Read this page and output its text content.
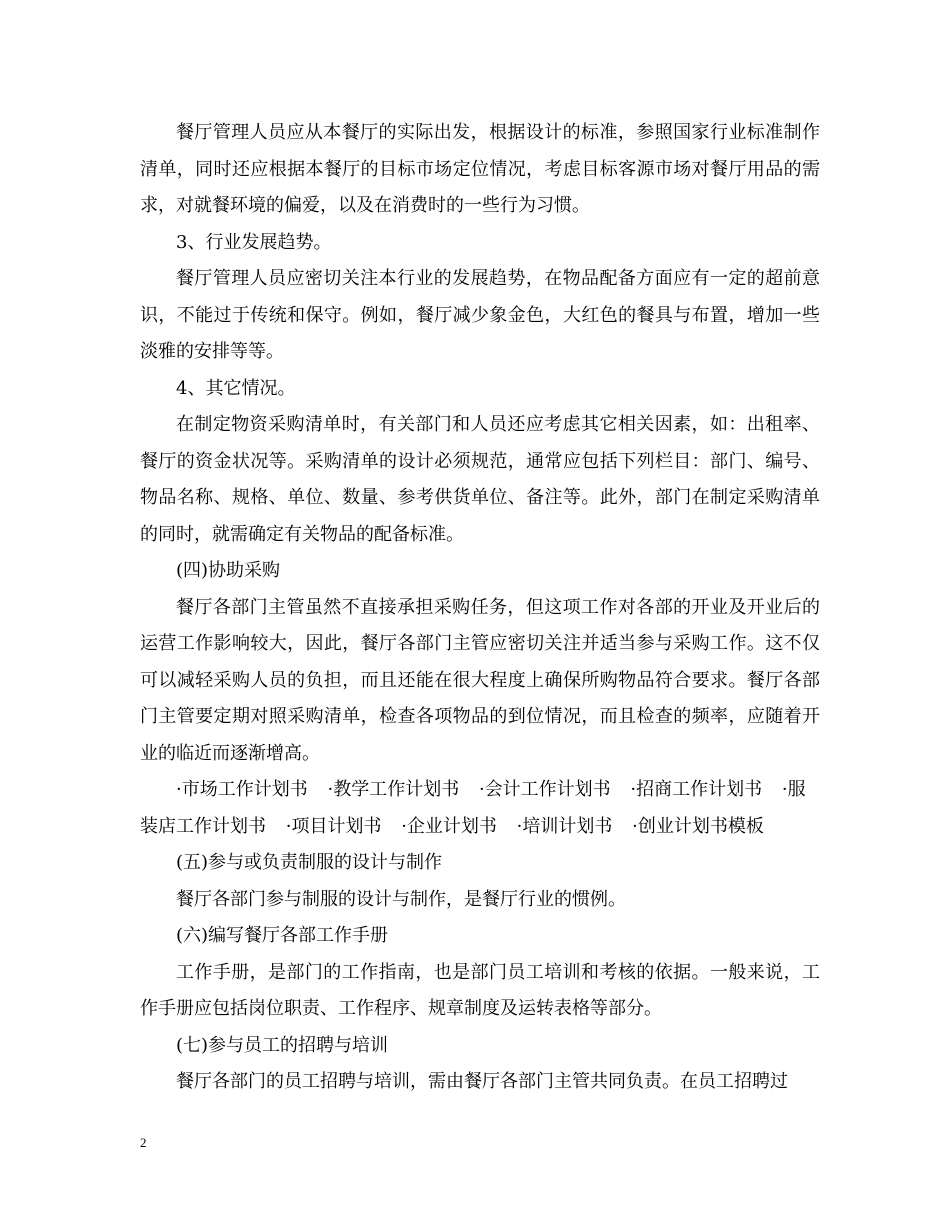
餐厅管理人员应从本餐厅的实际出发，根据设计的标准，参照国家行业标准制作清单，同时还应根据本餐厅的目标市场定位情况，考虑目标客源市场对餐厅用品的需求，对就餐环境的偏爱，以及在消费时的一些行为习惯。

3、行业发展趋势。

餐厅管理人员应密切关注本行业的发展趋势，在物品配备方面应有一定的超前意识，不能过于传统和保守。例如，餐厅减少象金色，大红色的餐具与布置，增加一些淡雅的安排等等。

4、其它情况。

在制定物资采购清单时，有关部门和人员还应考虑其它相关因素，如：出租率、餐厅的资金状况等。采购清单的设计必须规范，通常应包括下列栏目：部门、编号、物品名称、规格、单位、数量、参考供货单位、备注等。此外，部门在制定采购清单的同时，就需确定有关物品的配备标准。

(四)协助采购

餐厅各部门主管虽然不直接承担采购任务，但这项工作对各部的开业及开业后的运营工作影响较大，因此，餐厅各部门主管应密切关注并适当参与采购工作。这不仅可以减轻采购人员的负担，而且还能在很大程度上确保所购物品符合要求。餐厅各部门主管要定期对照采购清单，检查各项物品的到位情况，而且检查的频率，应随着开业的临近而逐渐增高。

·市场工作计划书 ·教学工作计划书 ·会计工作计划书 ·招商工作计划书 ·服装店工作计划书 ·项目计划书 ·企业计划书 ·培训计划书 ·创业计划书模板

(五)参与或负责制服的设计与制作

餐厅各部门参与制服的设计与制作，是餐厅行业的惯例。

(六)编写餐厅各部工作手册

工作手册，是部门的工作指南，也是部门员工培训和考核的依据。一般来说，工作手册应包括岗位职责、工作程序、规章制度及运转表格等部分。

(七)参与员工的招聘与培训

餐厅各部门的员工招聘与培训，需由餐厅各部门主管共同负责。在员工招聘过

2
